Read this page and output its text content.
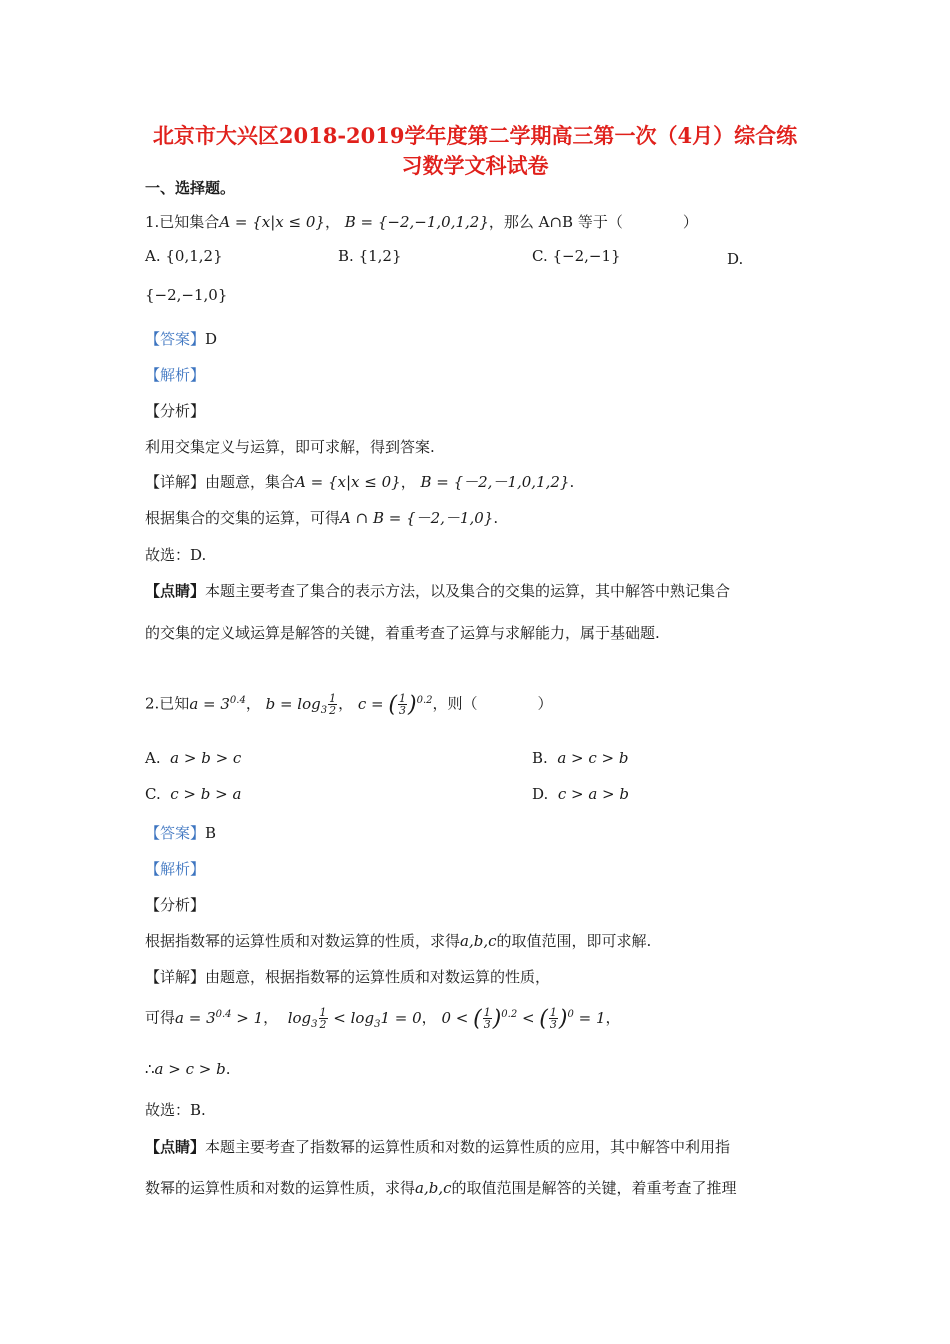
北京市大兴区2018-2019学年度第二学期高三第一次（4月）综合练
习数学文科试卷
一、选择题。
1.已知集合A = {x|x ≤ 0}， B = {−2,−1,0,1,2}，那么 A∩B 等于（　　　　）
A. {0,1,2}	B. {1,2}	C. {−2,−1}	D.
{−2,−1,0}
【答案】D
【解析】
【分析】
利用交集定义与运算，即可求解，得到答案.
【详解】由题意，集合A = {x|x ≤ 0}， B = {－2,－1,0,1,2}.
根据集合的交集的运算，可得A ∩ B = {－2,－1,0}.
故选：D.
【点睛】本题主要考查了集合的表示方法，以及集合的交集的运算，其中解答中熟记集合
的交集的定义域运算是解答的关键，着重考查了运算与求解能力，属于基础题.
2.已知$a = 3^{0.4}$， $b = \log_3 \frac{1}{2}$ ， c = ( $\frac{1}{3} )^{0.2}$，则（　　　　）
A. a > b > c	B. a > c > b
C. c > b > a	D. c > a > b
【答案】B
【解析】
【分析】
根据指数幂的运算性质和对数运算的性质，求得a,b,c的取值范围，即可求解.
【详解】由题意，根据指数幂的运算性质和对数运算的性质，
可得$a = 3^{0.4} > 1$，  $\log_3 \frac{1}{2} < \log_31 = 0$， 0 < ( $\frac{1}{3} )^{0.2}$ < ( $\frac{1}{3} )^0 = 1$，
∴a > c > b.
故选：B.
【点睛】本题主要考查了指数幂的运算性质和对数的运算性质的应用，其中解答中利用指
数幂的运算性质和对数的运算性质，求得a,b,c的取值范围是解答的关键，着重考查了推理
